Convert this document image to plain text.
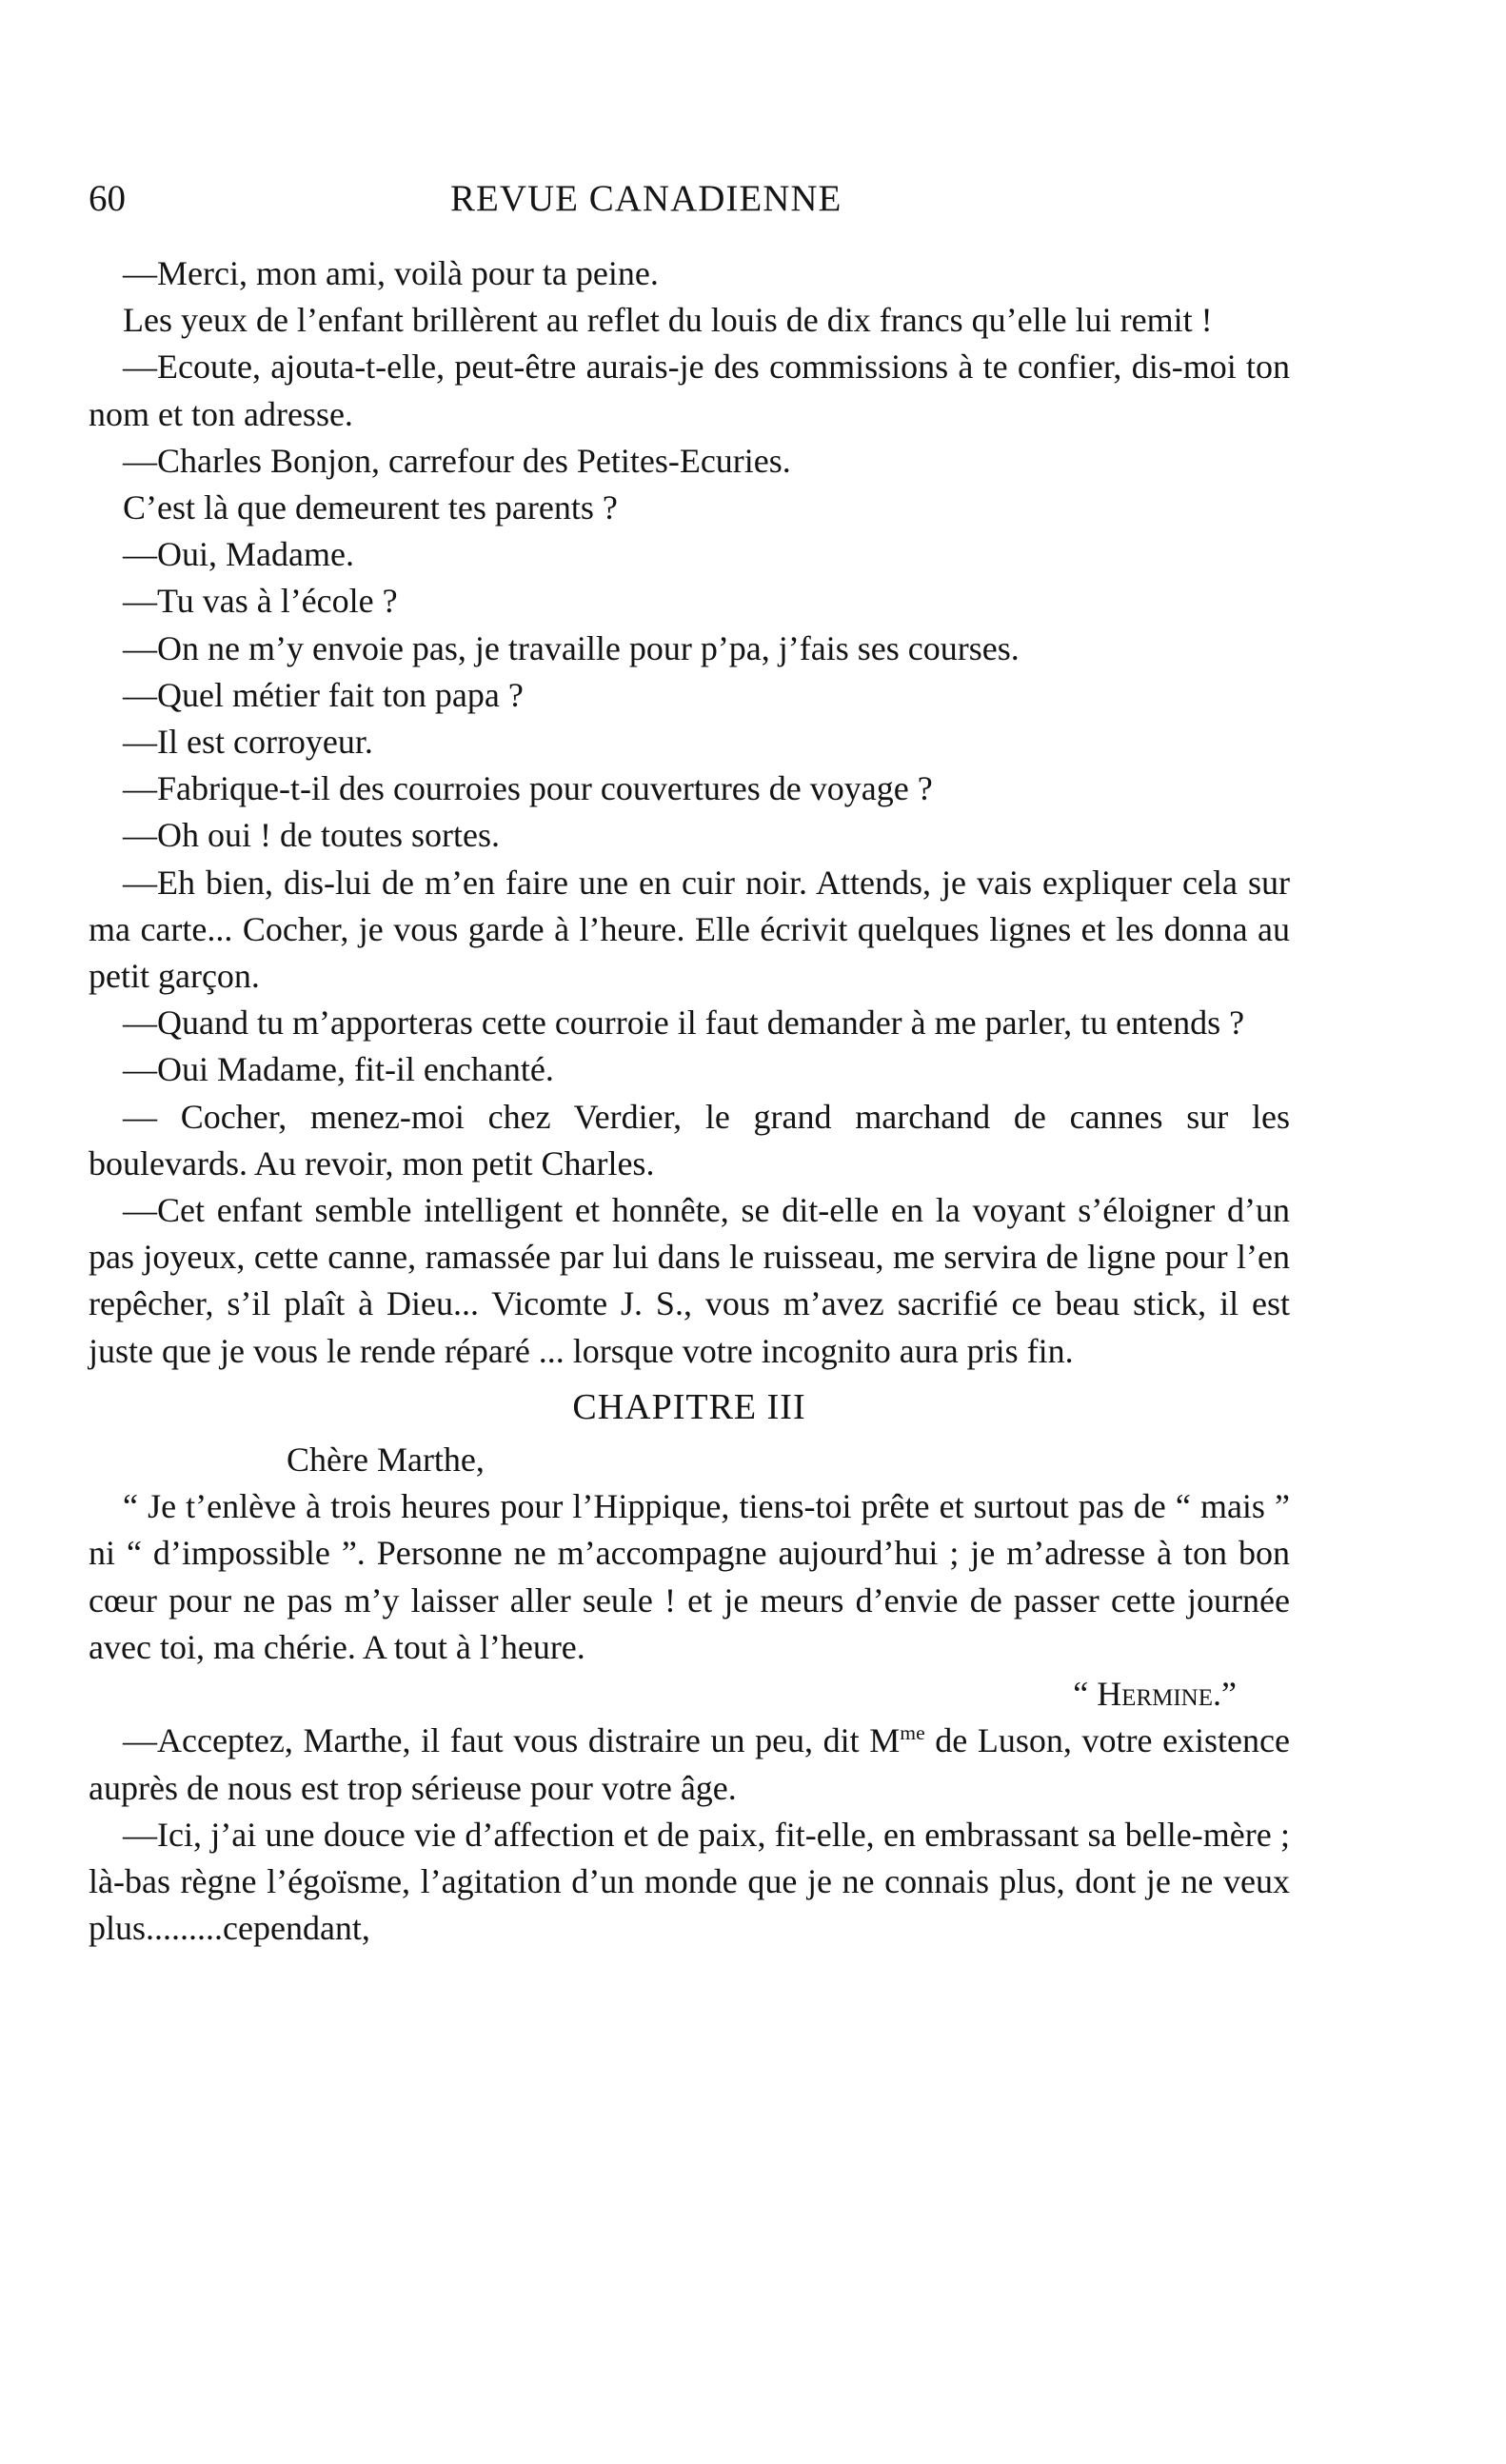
60	REVUE CANADIENNE

—Merci, mon ami, voilà pour ta peine.

Les yeux de l’enfant brillèrent au reflet du louis de dix francs qu’elle lui remit !

—Ecoute, ajouta-t-elle, peut-être aurais-je des commissions à te confier, dis-moi ton nom et ton adresse.

—Charles Bonjon, carrefour des Petites-Ecuries.

C’est là que demeurent tes parents ?

—Oui, Madame.

—Tu vas à l’école ?

—On ne m’y envoie pas, je travaille pour p’pa, j’fais ses courses.

—Quel métier fait ton papa ?

—Il est corroyeur.

—Fabrique-t-il des courroies pour couvertures de voyage ?

—Oh oui ! de toutes sortes.

—Eh bien, dis-lui de m’en faire une en cuir noir. Attends, je vais expliquer cela sur ma carte... Cocher, je vous garde à l’heure. Elle écrivit quelques lignes et les donna au petit garçon.

—Quand tu m’apporteras cette courroie il faut demander à me parler, tu entends ?

—Oui Madame, fit-il enchanté.

— Cocher, menez-moi chez Verdier, le grand marchand de cannes sur les boulevards. Au revoir, mon petit Charles.

—Cet enfant semble intelligent et honnête, se dit-elle en la voyant s’éloigner d’un pas joyeux, cette canne, ramassée par lui dans le ruisseau, me servira de ligne pour l’en repêcher, s’il plaît à Dieu... Vicomte J. S., vous m’avez sacrifié ce beau stick, il est juste que je vous le rende réparé ... lorsque votre incognito aura pris fin.

CHAPITRE III

Chère Marthe,

“ Je t’enlève à trois heures pour l’Hippique, tiens-toi prête et surtout pas de “ mais ” ni “ d’impossible ”. Personne ne m’accompagne aujourd’hui ; je m’adresse à ton bon cœur pour ne pas m’y laisser aller seule ! et je meurs d’envie de passer cette journée avec toi, ma chérie. A tout à l’heure.

“ Hermine.”

—Acceptez, Marthe, il faut vous distraire un peu, dit $M^{me}$ de Luson, votre existence auprès de nous est trop sérieuse pour votre âge.

—Ici, j’ai une douce vie d’affection et de paix, fit-elle, en embrassant sa belle-mère ; là-bas règne l’égoïsme, l’agitation d’un monde que je ne connais plus, dont je ne veux plus.........cependant,
